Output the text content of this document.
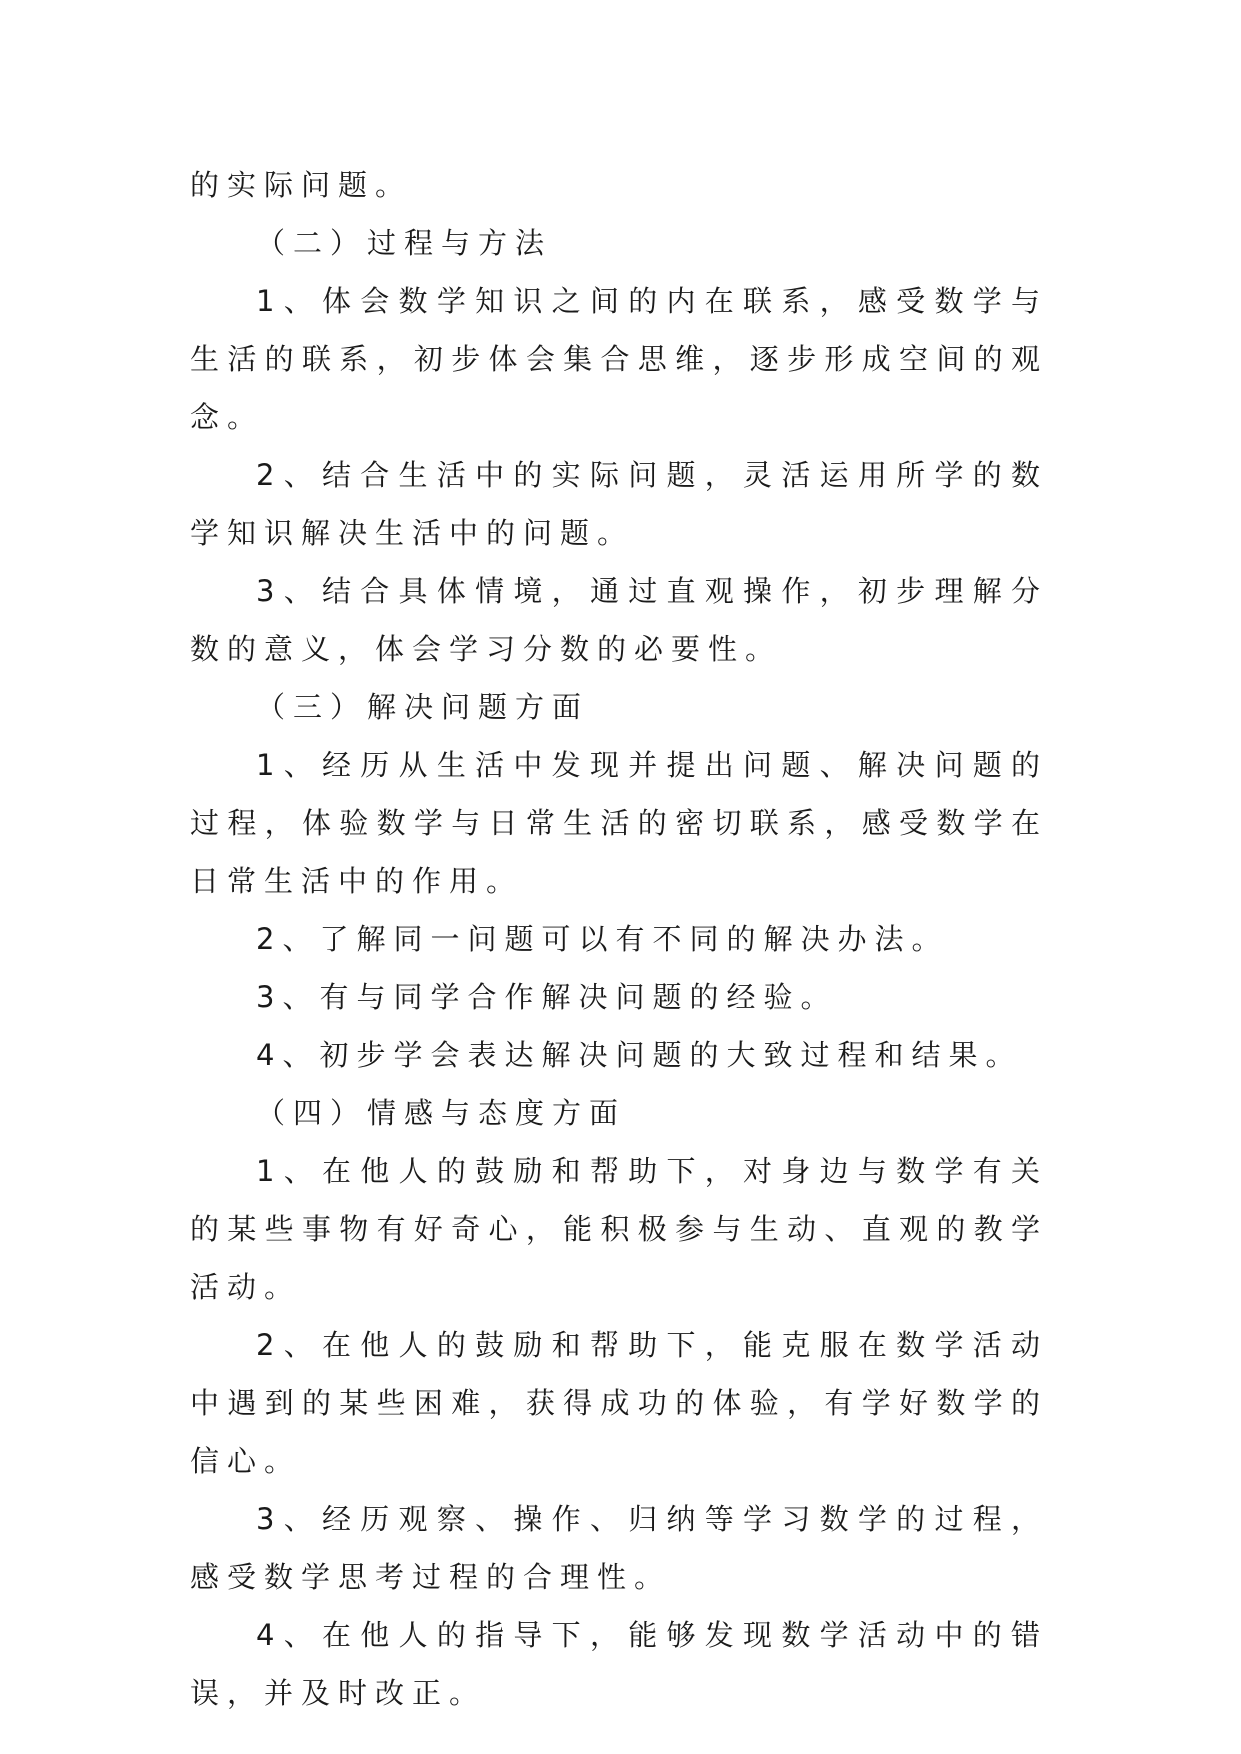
的实际问题。

（二）过程与方法

1、体会数学知识之间的内在联系，感受数学与生活的联系，初步体会集合思维，逐步形成空间的观念。

2、结合生活中的实际问题，灵活运用所学的数学知识解决生活中的问题。

3、结合具体情境，通过直观操作，初步理解分数的意义，体会学习分数的必要性。

（三）解决问题方面

1、经历从生活中发现并提出问题、解决问题的过程，体验数学与日常生活的密切联系，感受数学在日常生活中的作用。

2、了解同一问题可以有不同的解决办法。

3、有与同学合作解决问题的经验。

4、初步学会表达解决问题的大致过程和结果。

（四）情感与态度方面

1、在他人的鼓励和帮助下，对身边与数学有关的某些事物有好奇心，能积极参与生动、直观的教学活动。

2、在他人的鼓励和帮助下，能克服在数学活动中遇到的某些困难，获得成功的体验，有学好数学的信心。

3、经历观察、操作、归纳等学习数学的过程，感受数学思考过程的合理性。

4、在他人的指导下，能够发现数学活动中的错误，并及时改正。
